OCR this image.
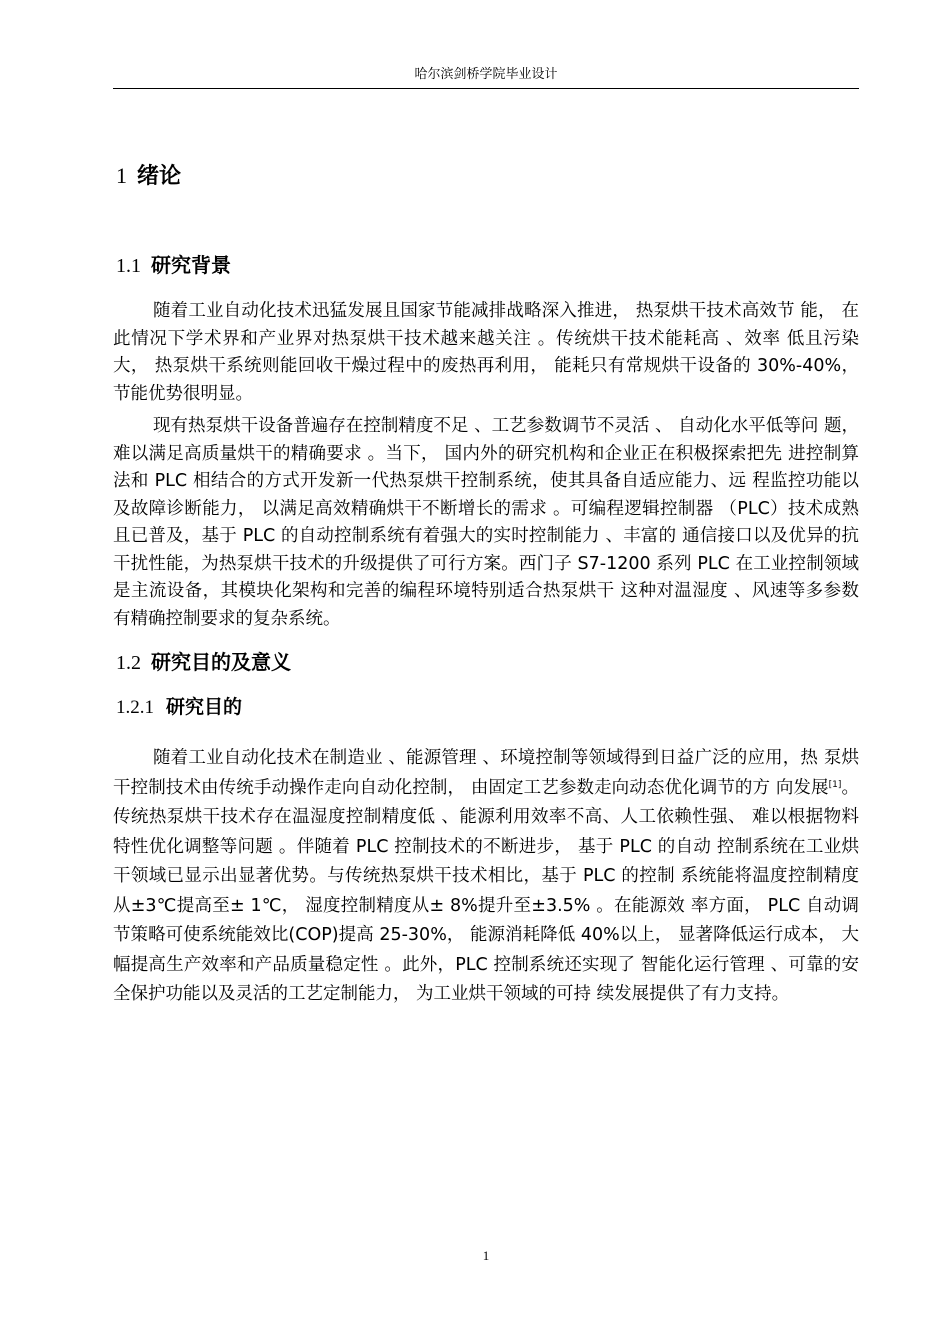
哈尔滨剑桥学院毕业设计
1 绪论
1.1 研究背景

随着工业自动化技术迅猛发展且国家节能减排战略深入推进， 热泵烘干技术高效节 能， 在此情况下学术界和产业界对热泵烘干技术越来越关注 。传统烘干技术能耗高 、效率 低且污染大， 热泵烘干系统则能回收干燥过程中的废热再利用， 能耗只有常规烘干设备的 30%-40%， 节能优势很明显。

现有热泵烘干设备普遍存在控制精度不足 、工艺参数调节不灵活 、 自动化水平低等问 题， 难以满足高质量烘干的精确要求 。当下， 国内外的研究机构和企业正在积极探索把先 进控制算法和 PLC 相结合的方式开发新一代热泵烘干控制系统，使其具备自适应能力、远 程监控功能以及故障诊断能力， 以满足高效精确烘干不断增长的需求 。可编程逻辑控制器 （PLC）技术成熟且已普及，基于 PLC 的自动控制系统有着强大的实时控制能力 、丰富的 通信接口以及优异的抗干扰性能，为热泵烘干技术的升级提供了可行方案。西门子 S7-1200 系列 PLC 在工业控制领域是主流设备，其模块化架构和完善的编程环境特别适合热泵烘干 这种对温湿度 、风速等多参数有精确控制要求的复杂系统。

1.2 研究目的及意义
1.2.1 研究目的

随着工业自动化技术在制造业 、能源管理 、环境控制等领域得到日益广泛的应用，热 泵烘干控制技术由传统手动操作走向自动化控制， 由固定工艺参数走向动态优化调节的方 向发展[1]。传统热泵烘干技术存在温湿度控制精度低 、能源利用效率不高、人工依赖性强、 难以根据物料特性优化调整等问题 。伴随着 PLC 控制技术的不断进步， 基于 PLC 的自动 控制系统在工业烘干领域已显示出显著优势。与传统热泵烘干技术相比，基于 PLC 的控制 系统能将温度控制精度从±3℃提高至± 1℃， 湿度控制精度从± 8%提升至±3.5% 。在能源效 率方面， PLC 自动调节策略可使系统能效比(COP)提高 25-30%， 能源消耗降低 40%以上， 显著降低运行成本， 大幅提高生产效率和产品质量稳定性 。此外，PLC 控制系统还实现了 智能化运行管理 、可靠的安全保护功能以及灵活的工艺定制能力， 为工业烘干领域的可持 续发展提供了有力支持。

1
